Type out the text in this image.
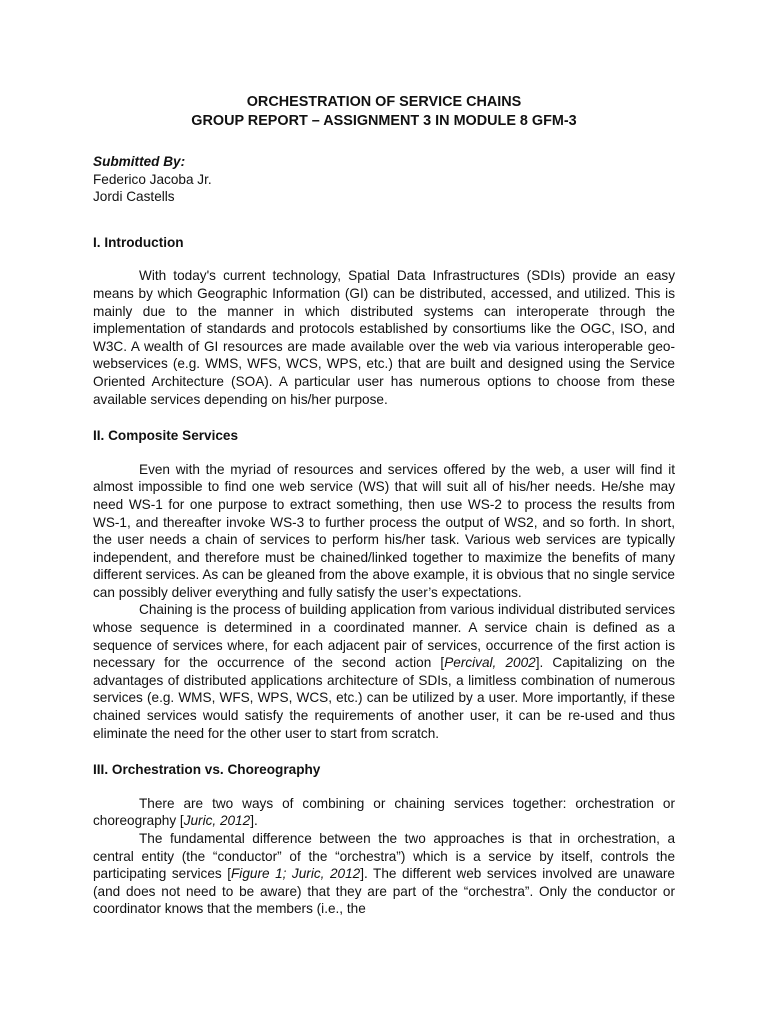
ORCHESTRATION OF SERVICE CHAINS
GROUP REPORT – ASSIGNMENT 3 IN MODULE 8 GFM-3

Submitted By:
Federico Jacoba Jr.
Jordi Castells

I. Introduction

With today's current technology, Spatial Data Infrastructures (SDIs) provide an easy means by which Geographic Information (GI) can be distributed, accessed, and utilized. This is mainly due to the manner in which distributed systems can interoperate through the implementation of standards and protocols established by consortiums like the OGC, ISO, and W3C. A wealth of GI resources are made available over the web via various interoperable geo-webservices (e.g. WMS, WFS, WCS, WPS, etc.) that are built and designed using the Service Oriented Architecture (SOA). A particular user has numerous options to choose from these available services depending on his/her purpose.

II. Composite Services

Even with the myriad of resources and services offered by the web, a user will find it almost impossible to find one web service (WS) that will suit all of his/her needs. He/she may need WS-1 for one purpose to extract something, then use WS-2 to process the results from WS-1, and thereafter invoke WS-3 to further process the output of WS2, and so forth. In short, the user needs a chain of services to perform his/her task. Various web services are typically independent, and therefore must be chained/linked together to maximize the benefits of many different services. As can be gleaned from the above example, it is obvious that no single service can possibly deliver everything and fully satisfy the user’s expectations.

Chaining is the process of building application from various individual distributed services whose sequence is determined in a coordinated manner. A service chain is defined as a sequence of services where, for each adjacent pair of services, occurrence of the first action is necessary for the occurrence of the second action [Percival, 2002]. Capitalizing on the advantages of distributed applications architecture of SDIs, a limitless combination of numerous services (e.g. WMS, WFS, WPS, WCS, etc.) can be utilized by a user. More importantly, if these chained services would satisfy the requirements of another user, it can be re-used and thus eliminate the need for the other user to start from scratch.

III. Orchestration vs. Choreography

There are two ways of combining or chaining services together: orchestration or choreography [Juric, 2012].

The fundamental difference between the two approaches is that in orchestration, a central entity (the “conductor” of the “orchestra”) which is a service by itself, controls the participating services [Figure 1; Juric, 2012]. The different web services involved are unaware (and does not need to be aware) that they are part of the “orchestra”. Only the conductor or coordinator knows that the members (i.e., the
